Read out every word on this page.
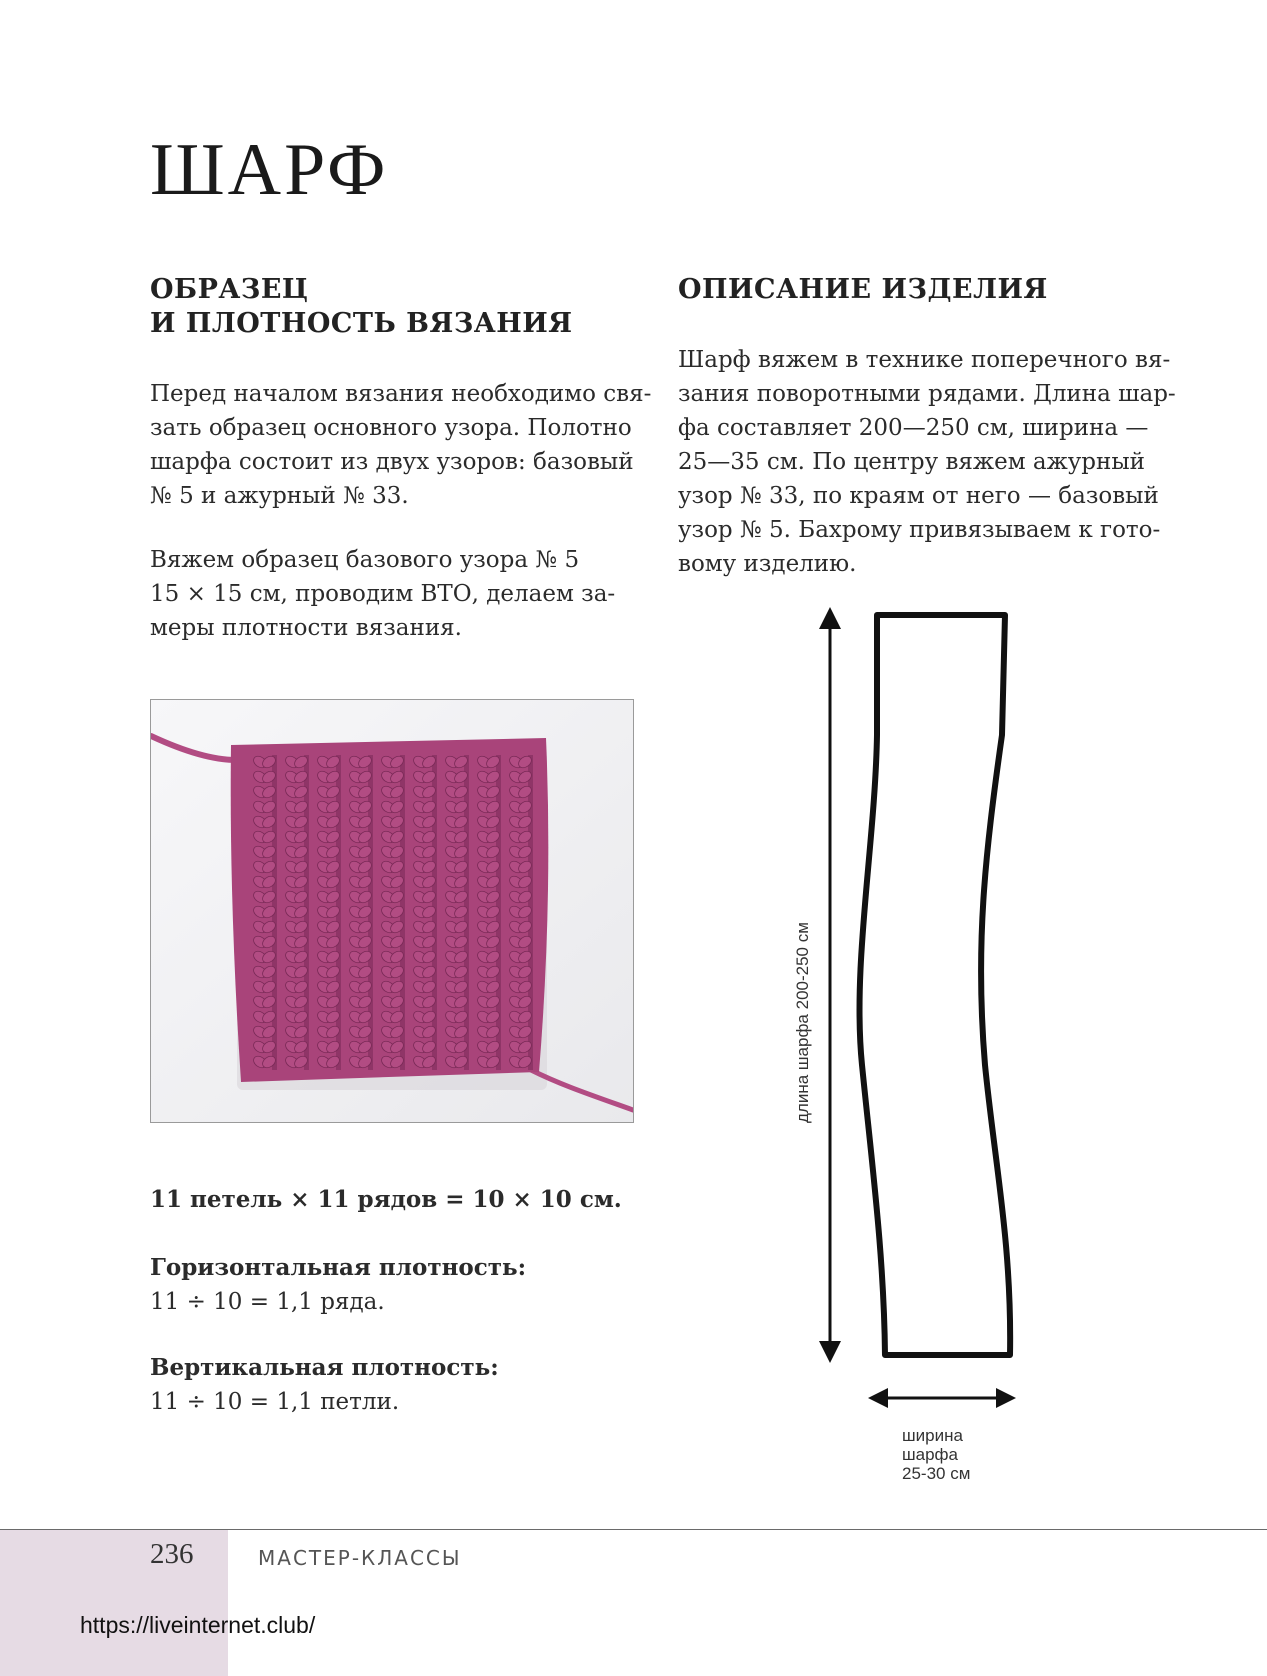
ШАРФ
ОБРАЗЕЦ
И ПЛОТНОСТЬ ВЯЗАНИЯ

Перед началом вязания необходимо свя-

зать образец основного узора. Полотно

шарфа состоит из двух узоров: базовый

№ 5 и ажурный № 33.

Вяжем образец базового узора № 5

15 × 15 см, проводим ВТО, делаем за-

меры плотности вязания.

11 петель × 11 рядов = 10 × 10 см.

Горизонтальная плотность:

11 ÷ 10 = 1,1 ряда.

Вертикальная плотность:

11 ÷ 10 = 1,1 петли.

ОПИСАНИЕ ИЗДЕЛИЯ

Шарф вяжем в технике поперечного вя-

зания поворотными рядами. Длина шар-

фа составляет 200—250 см, ширина —

25—35 см. По центру вяжем ажурный

узор № 33, по краям от него — базовый

узор № 5. Бахрому привязываем к гото-

вому изделию.

длина шарфа 200-250 см
ширина
шарфа
25-30 см
236	МАСТЕР-КЛАССЫ
https://liveinternet.club/
